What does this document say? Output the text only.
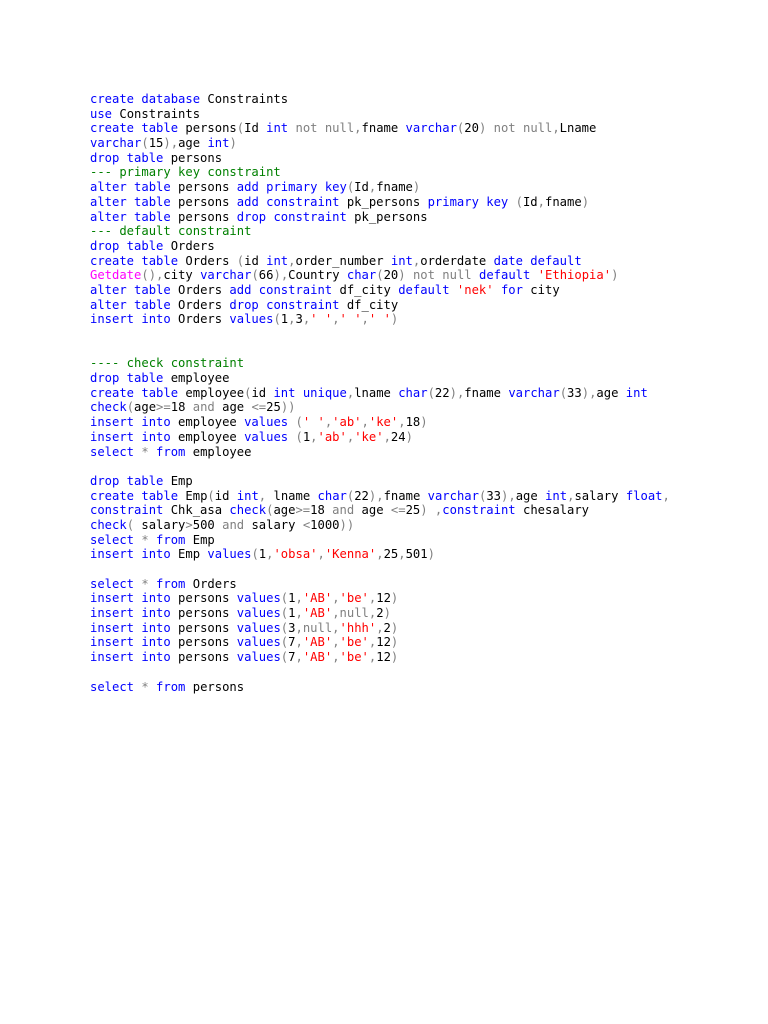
create database Constraints
use Constraints
create table persons(Id int not null,fname varchar(20) not null,Lname
varchar(15),age int)
drop table persons
--- primary key constraint
alter table persons add primary key(Id,fname)
alter table persons add constraint pk_persons primary key (Id,fname)
alter table persons drop constraint pk_persons
--- default constraint
drop table Orders
create table Orders (id int,order_number int,orderdate date default
Getdate(),city varchar(66),Country char(20) not null default 'Ethiopia')
alter table Orders add constraint df_city default 'nek' for city
alter table Orders drop constraint df_city
insert into Orders values(1,3,' ',' ',' ')
---- check constraint
drop table employee
create table employee(id int unique,lname char(22),fname varchar(33),age int
check(age>=18 and age <=25))
insert into employee values (' ','ab','ke',18)
insert into employee values (1,'ab','ke',24)
select * from employee
drop table Emp
create table Emp(id int, lname char(22),fname varchar(33),age int,salary float,
constraint Chk_asa check(age>=18 and age <=25) ,constraint chesalary
check( salary>500 and salary <1000))
select * from Emp
insert into Emp values(1,'obsa','Kenna',25,501)
select * from Orders
insert into persons values(1,'AB','be',12)
insert into persons values(1,'AB',null,2)
insert into persons values(3,null,'hhh',2)
insert into persons values(7,'AB','be',12)
insert into persons values(7,'AB','be',12)
select * from persons
